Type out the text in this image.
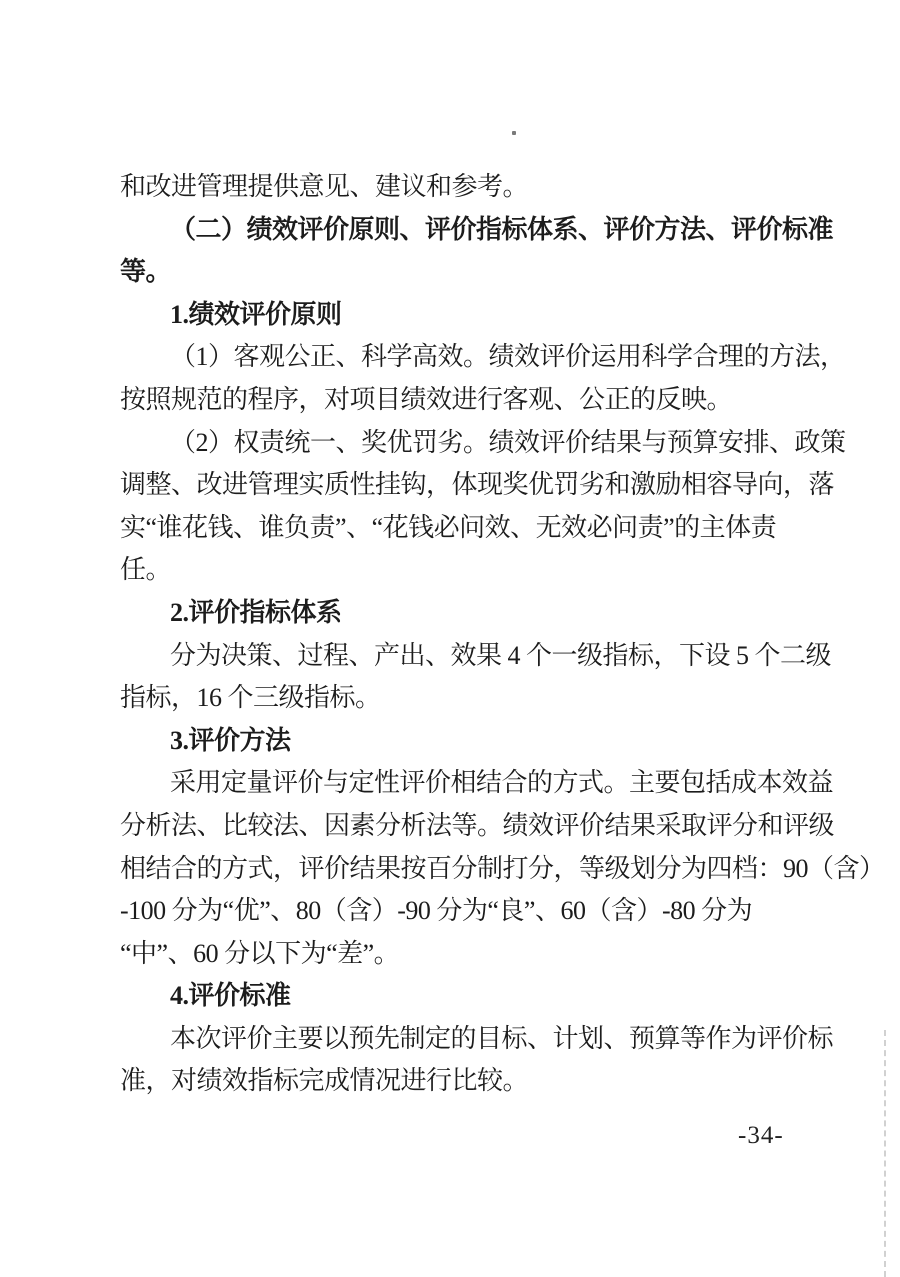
和改进管理提供意见、建议和参考。
（二）绩效评价原则、评价指标体系、评价方法、评价标准
等。
1.绩效评价原则
（1）客观公正、科学高效。绩效评价运用科学合理的方法，
按照规范的程序，对项目绩效进行客观、公正的反映。
（2）权责统一、奖优罚劣。绩效评价结果与预算安排、政策
调整、改进管理实质性挂钩，体现奖优罚劣和激励相容导向，落
实“谁花钱、谁负责”、“花钱必问效、无效必问责”的主体责
任。
2.评价指标体系
分为决策、过程、产出、效果 4 个一级指标，下设 5 个二级
指标，16 个三级指标。
3.评价方法
采用定量评价与定性评价相结合的方式。主要包括成本效益
分析法、比较法、因素分析法等。绩效评价结果采取评分和评级
相结合的方式，评价结果按百分制打分，等级划分为四档：90（含）
-100 分为“优”、80（含）-90 分为“良”、60（含）-80 分为
“中”、60 分以下为“差”。
4.评价标准
本次评价主要以预先制定的目标、计划、预算等作为评价标
准，对绩效指标完成情况进行比较。
-34-
